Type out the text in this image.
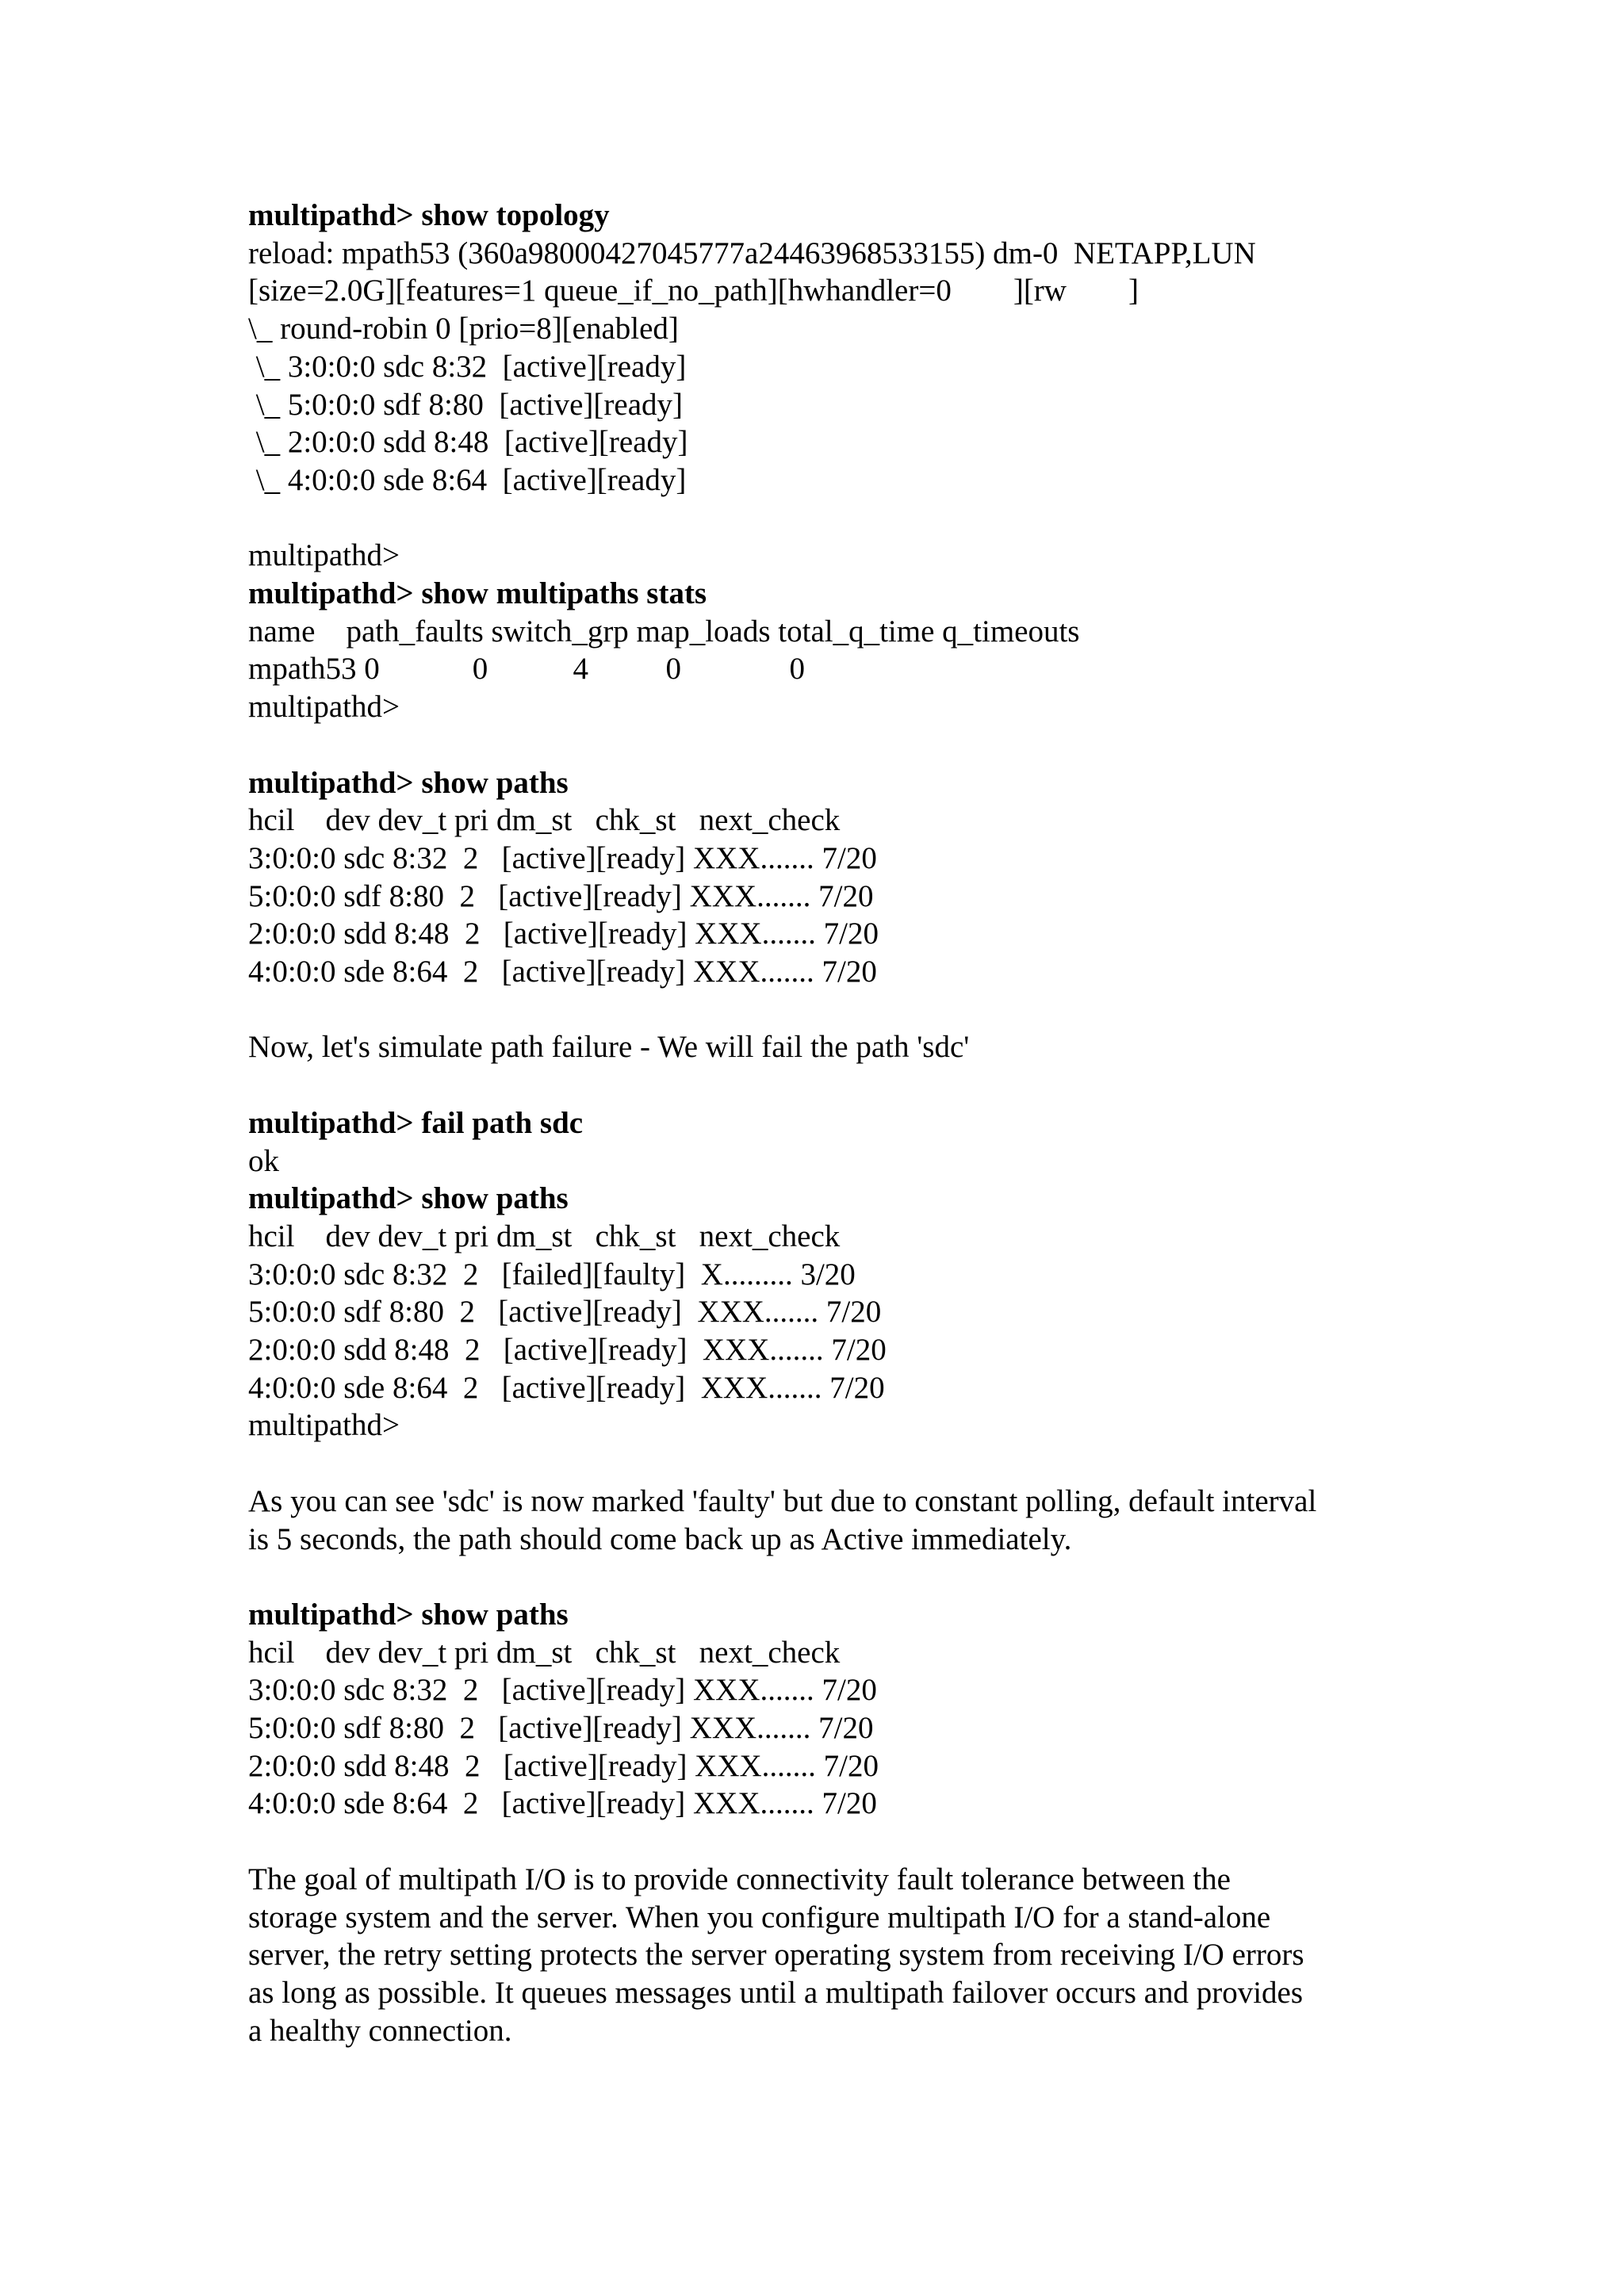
multipathd> show topology
reload: mpath53 (360a98000427045777a24463968533155) dm-0  NETAPP,LUN
[size=2.0G][features=1 queue_if_no_path][hwhandler=0        ][rw        ]
\_ round-robin 0 [prio=8][enabled]
\_ 3:0:0:0 sdc 8:32  [active][ready]
\_ 5:0:0:0 sdf 8:80  [active][ready]
\_ 2:0:0:0 sdd 8:48  [active][ready]
\_ 4:0:0:0 sde 8:64  [active][ready]
multipathd>
multipathd> show multipaths stats
name    path_faults switch_grp map_loads total_q_time q_timeouts
mpath53 0            0           4          0              0
multipathd>
multipathd> show paths
hcil    dev dev_t pri dm_st   chk_st   next_check
3:0:0:0 sdc 8:32  2   [active][ready] XXX....... 7/20
5:0:0:0 sdf 8:80  2   [active][ready] XXX....... 7/20
2:0:0:0 sdd 8:48  2   [active][ready] XXX....... 7/20
4:0:0:0 sde 8:64  2   [active][ready] XXX....... 7/20
Now, let's simulate path failure - We will fail the path 'sdc'
multipathd> fail path sdc
ok
multipathd> show paths
hcil    dev dev_t pri dm_st   chk_st   next_check
3:0:0:0 sdc 8:32  2   [failed][faulty]  X......... 3/20
5:0:0:0 sdf 8:80  2   [active][ready]  XXX....... 7/20
2:0:0:0 sdd 8:48  2   [active][ready]  XXX....... 7/20
4:0:0:0 sde 8:64  2   [active][ready]  XXX....... 7/20
multipathd>

As you can see 'sdc' is now marked 'faulty' but due to constant polling, default interval
is 5 seconds, the path should come back up as Active immediately.

multipathd> show paths
hcil    dev dev_t pri dm_st   chk_st   next_check
3:0:0:0 sdc 8:32  2   [active][ready] XXX....... 7/20
5:0:0:0 sdf 8:80  2   [active][ready] XXX....... 7/20
2:0:0:0 sdd 8:48  2   [active][ready] XXX....... 7/20
4:0:0:0 sde 8:64  2   [active][ready] XXX....... 7/20

The goal of multipath I/O is to provide connectivity fault tolerance between the
storage system and the server. When you configure multipath I/O for a stand-alone
server, the retry setting protects the server operating system from receiving I/O errors
as long as possible. It queues messages until a multipath failover occurs and provides
a healthy connection.
